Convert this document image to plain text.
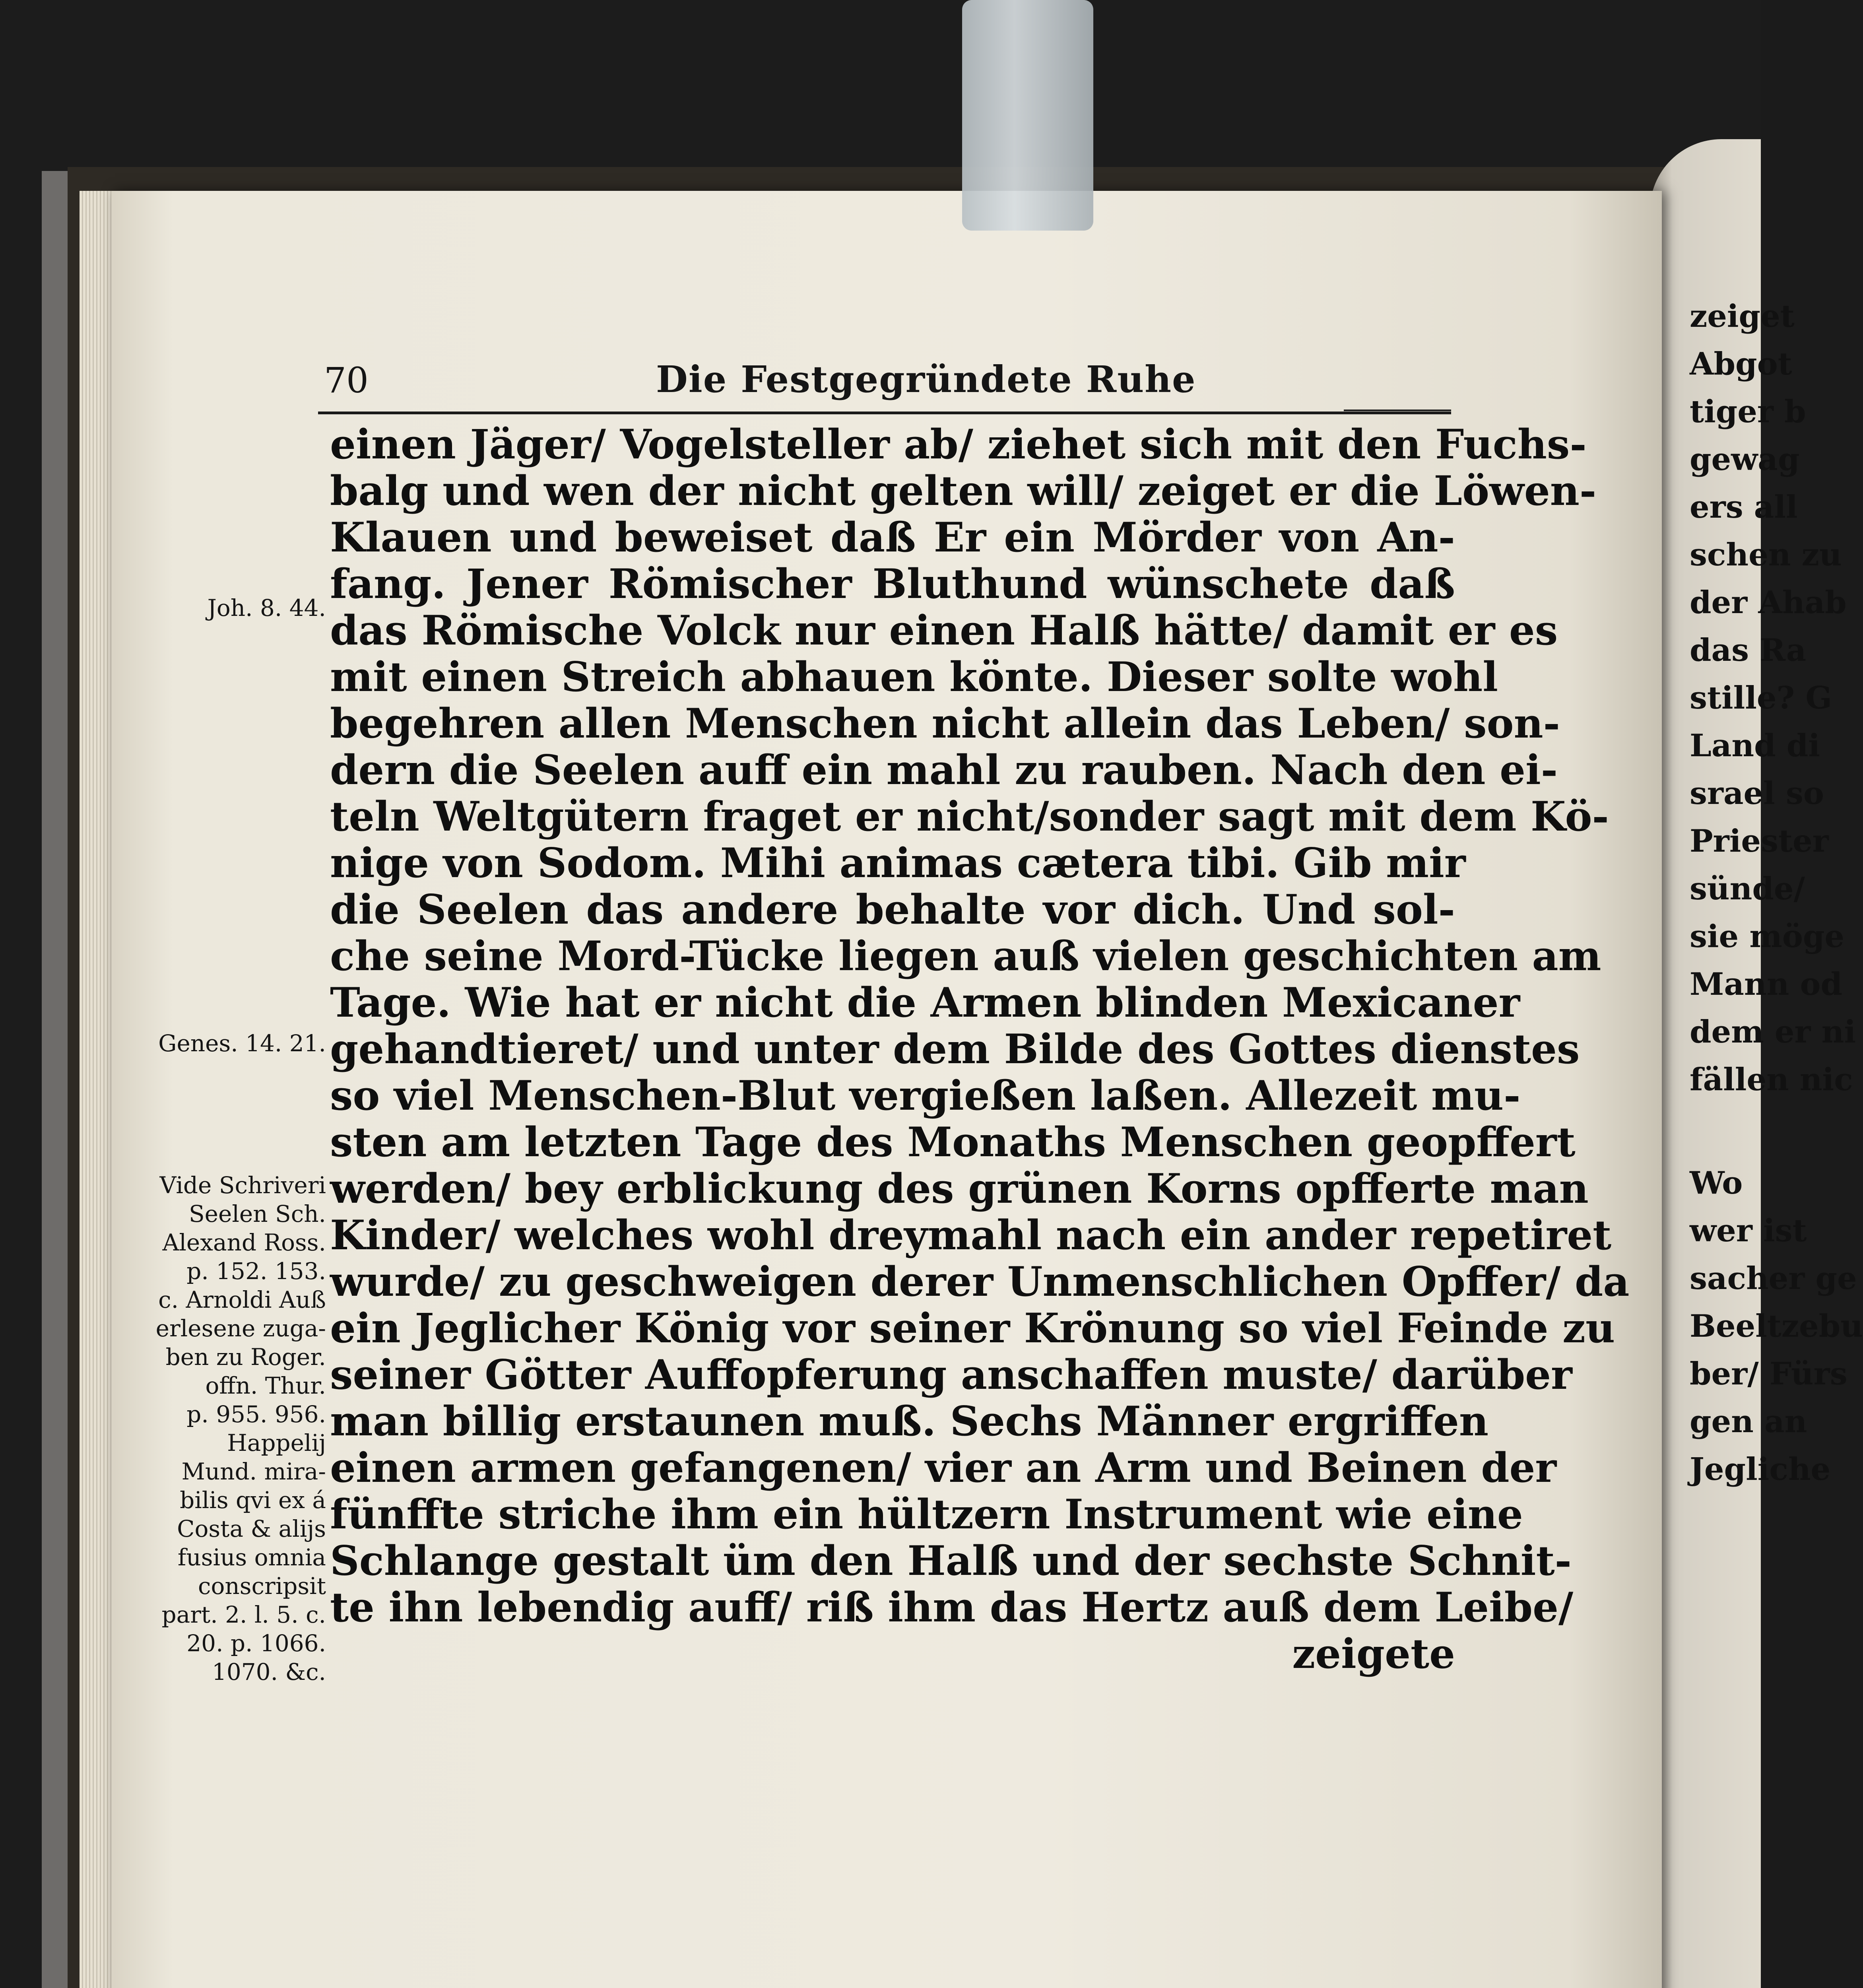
zeiget
Abgot
tiger b
gewag
ers all
schen zu
der Ahab
das Ra
stille? G
Land di
srael so
Priester
sünde/
sie möge
Mann od
dem er ni
fällen nic
Wo
wer ist
sacher ge
Beeltzebu
ber/ Fürs
gen an
Jegliche
70	Die Festgegründete Ruhe
einen Jäger/ Vogelsteller ab/ ziehet sich mit den Fuchs-
balg und wen der nicht gelten will/ zeiget er die Löwen-
Klauen und beweiset daß Er ein Mörder von An-
fang. Jener Römischer Bluthund wünschete daß
das Römische Volck nur einen Halß hätte/ damit er es
mit einen Streich abhauen könte. Dieser solte wohl
begehren allen Menschen nicht allein das Leben/ son-
dern die Seelen auff ein mahl zu rauben. Nach den ei-
teln Weltgütern fraget er nicht/sonder sagt mit dem Kö-
nige von Sodom. Mihi animas cætera tibi. Gib mir
die Seelen das andere behalte vor dich. Und sol-
che seine Mord-Tücke liegen auß vielen geschichten am
Tage. Wie hat er nicht die Armen blinden Mexicaner
gehandtieret/ und unter dem Bilde des Gottes dienstes
so viel Menschen-Blut vergießen laßen. Allezeit mu-
sten am letzten Tage des Monaths Menschen geopffert
werden/ bey erblickung des grünen Korns opfferte man
Kinder/ welches wohl dreymahl nach ein ander repetiret
wurde/ zu geschweigen derer Unmenschlichen Opffer/ da
ein Jeglicher König vor seiner Krönung so viel Feinde zu
seiner Götter Auffopferung anschaffen muste/ darüber
man billig erstaunen muß. Sechs Männer ergriffen
einen armen gefangenen/ vier an Arm und Beinen der
fünffte striche ihm ein hültzern Instrument wie eine
Schlange gestalt üm den Halß und der sechste Schnit-
te ihn lebendig auff/ riß ihm das Hertz auß dem Leibe/
zeigete
Joh. 8. 44.
Genes. 14. 21.
Vide Schriveri
Seelen Sch.
Alexand Ross.
p. 152. 153.
c. Arnoldi Auß
erlesene zuga-
ben zu Roger.
offn. Thur.
p. 955. 956.
Happelij
Mund. mira-
bilis qvi ex á
Costa & alijs
fusius omnia
conscripsit
part. 2. l. 5. c.
20. p. 1066.
1070. &c.
